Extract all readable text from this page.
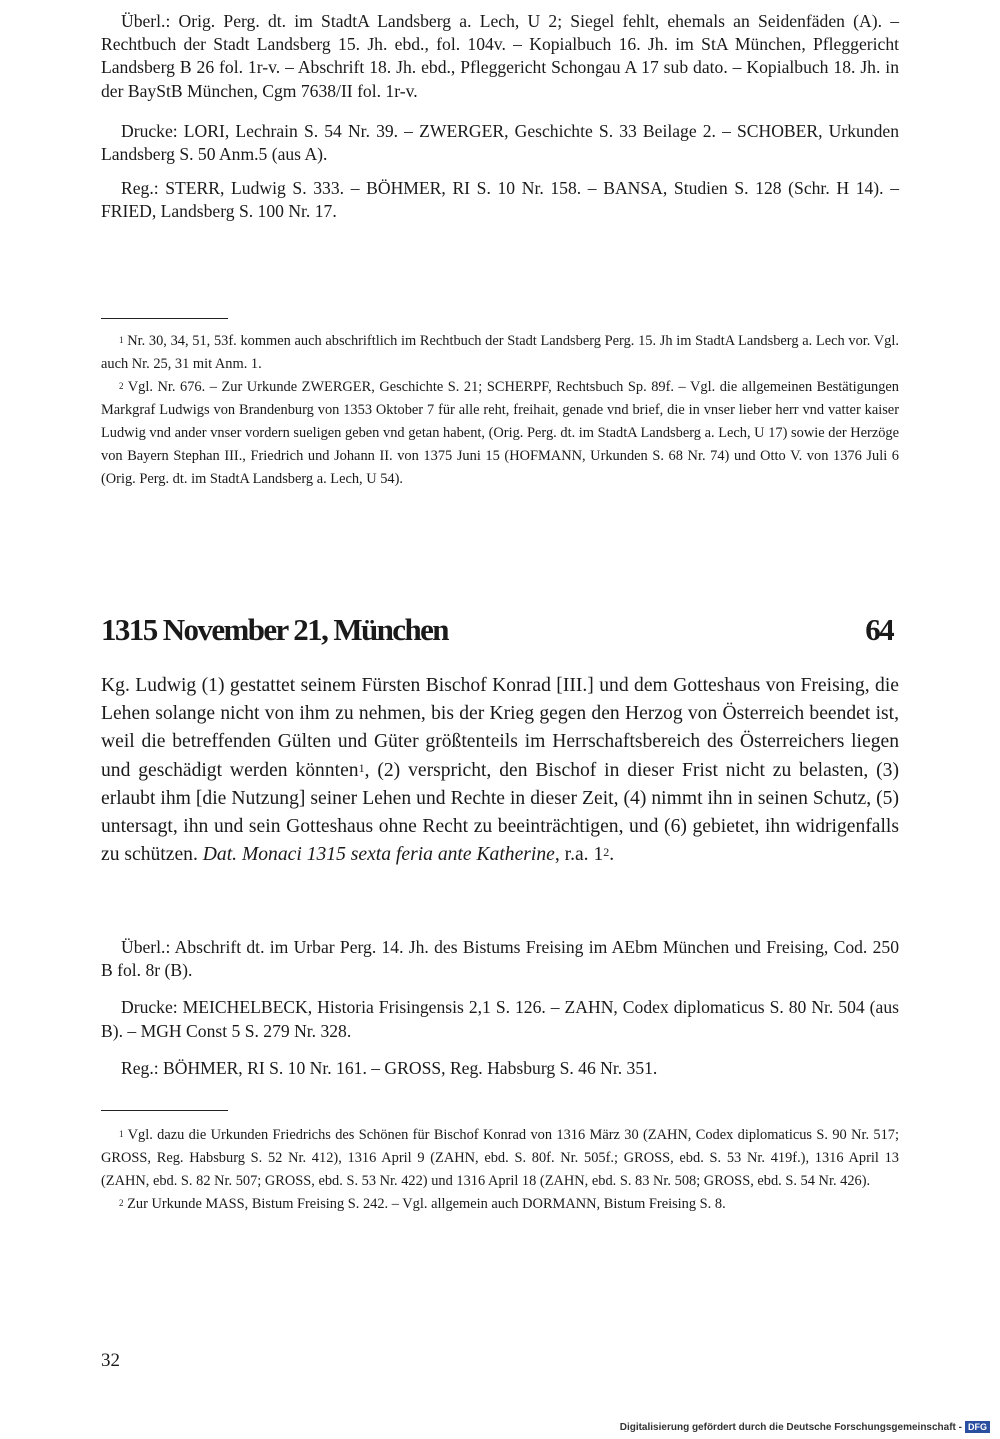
Überl.: Orig. Perg. dt. im StadtA Landsberg a. Lech, U 2; Siegel fehlt, ehemals an Seidenfäden (A). – Rechtbuch der Stadt Landsberg 15. Jh. ebd., fol. 104v. – Kopialbuch 16. Jh. im StA München, Pfleggericht Landsberg B 26 fol. 1r-v. – Abschrift 18. Jh. ebd., Pfleggericht Schongau A 17 sub dato. – Kopialbuch 18. Jh. in der BayStB München, Cgm 7638/II fol. 1r-v.

Drucke: LORI, Lechrain S. 54 Nr. 39. – ZWERGER, Geschichte S. 33 Beilage 2. – SCHOBER, Urkunden Landsberg S. 50 Anm.5 (aus A).

Reg.: STERR, Ludwig S. 333. – BÖHMER, RI S. 10 Nr. 158. – BANSA, Studien S. 128 (Schr. H 14). – FRIED, Landsberg S. 100 Nr. 17.

$^1$ Nr. 30, 34, 51, 53f. kommen auch abschriftlich im Rechtbuch der Stadt Landsberg Perg. 15. Jh im StadtA Landsberg a. Lech vor. Vgl. auch Nr. 25, 31 mit Anm. 1.

$^2$ Vgl. Nr. 676. – Zur Urkunde ZWERGER, Geschichte S. 21; SCHERPF, Rechtsbuch Sp. 89f. – Vgl. die allgemeinen Bestätigungen Markgraf Ludwigs von Brandenburg von 1353 Oktober 7 für alle reht, freihait, genade vnd brief, die in vnser lieber herr vnd vatter kaiser Ludwig vnd ander vnser vordern sueligen geben vnd getan habent, (Orig. Perg. dt. im StadtA Landsberg a. Lech, U 17) sowie der Herzöge von Bayern Stephan III., Friedrich und Johann II. von 1375 Juni 15 (HOFMANN, Urkunden S. 68 Nr. 74) und Otto V. von 1376 Juli 6 (Orig. Perg. dt. im StadtA Landsberg a. Lech, U 54).

1315 November 21, München	64

Kg. Ludwig (1) gestattet seinem Fürsten Bischof Konrad [III.] und dem Gotteshaus von Freising, die Lehen solange nicht von ihm zu nehmen, bis der Krieg gegen den Herzog von Österreich beendet ist, weil die betreffenden Gülten und Güter größtenteils im Herrschaftsbereich des Österreichers liegen und geschädigt werden könnten$^1$, (2) verspricht, den Bischof in dieser Frist nicht zu belasten, (3) erlaubt ihm [die Nutzung] seiner Lehen und Rechte in dieser Zeit, (4) nimmt ihn in seinen Schutz, (5) untersagt, ihn und sein Gotteshaus ohne Recht zu beeinträchtigen, und (6) gebietet, ihn widrigenfalls zu schützen. Dat. Monaci 1315 sexta feria ante Katherine, r.a. $1^2$.

Überl.: Abschrift dt. im Urbar Perg. 14. Jh. des Bistums Freising im AEbm München und Freising, Cod. 250 B fol. 8r (B).

Drucke: MEICHELBECK, Historia Frisingensis 2,1 S. 126. – ZAHN, Codex diplomaticus S. 80 Nr. 504 (aus B). – MGH Const 5 S. 279 Nr. 328.

Reg.: BÖHMER, RI S. 10 Nr. 161. – GROSS, Reg. Habsburg S. 46 Nr. 351.

$^1$ Vgl. dazu die Urkunden Friedrichs des Schönen für Bischof Konrad von 1316 März 30 (ZAHN, Codex diplomaticus S. 90 Nr. 517; GROSS, Reg. Habsburg S. 52 Nr. 412), 1316 April 9 (ZAHN, ebd. S. 80f. Nr. 505f.; GROSS, ebd. S. 53 Nr. 419f.), 1316 April 13 (ZAHN, ebd. S. 82 Nr. 507; GROSS, ebd. S. 53 Nr. 422) und 1316 April 18 (ZAHN, ebd. S. 83 Nr. 508; GROSS, ebd. S. 54 Nr. 426).

$^2$ Zur Urkunde MASS, Bistum Freising S. 242. – Vgl. allgemein auch DORMANN, Bistum Freising S. 8.

32
Digitalisierung gefördert durch die Deutsche Forschungsgemeinschaft - DFG
